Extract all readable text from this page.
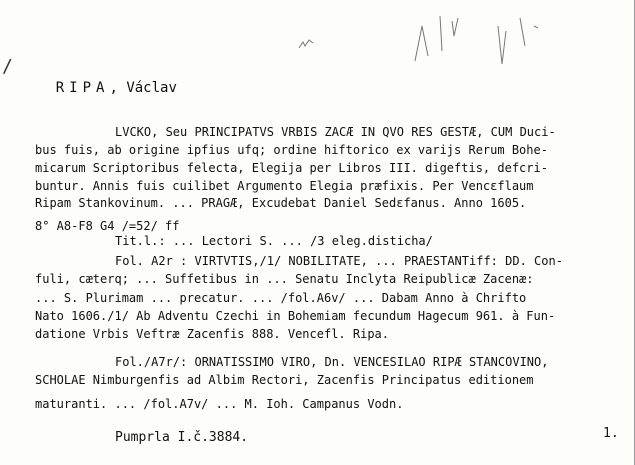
/

RIPA, Václav

LVCKO, Seu PRINCIPATVS VRBIS ZACÆ IN QVO RES GESTÆ, CUM Duci-
bus fuis, ab origine ipfius ufq; ordine hiftorico ex varijs Rerum Bohe-
micarum Scriptoribus felecta, Elegija per Libros III. digeftis, defcri-
buntur. Annis fuis cuilibet Argumento Elegia præfixis. Per Vencεflaum
Ripam Stankovinum. ... PRAGÆ, Excudebat Daniel Sedεfanus. Anno 1605.
8° A8-F8 G4 /=52/ ff
Tit.l.: ... Lectori S. ... /3 eleg.disticha/
Fol. A2r : VIRTVTIS,/1/ NOBILITATE, ... PRAESTANTiff: DD. Con-
fuli, cæterq; ... Suffetibus in ... Senatu Inclyta Reipublicæ Zacenæ:
... S. Plurimam ... precatur. ... /fol.A6v/ ... Dabam Anno à Chrifto
Nato 1606./1/ Ab Adventu Czechi in Bohemiam fecundum Hagecum 961. à Fun-
datione Vrbis Veftræ Zacenfis 888. Vencefl. Ripa.
Fol./A7r/: ORNATISSIMO VIRO, Dn. VENCESILAO RIPÆ STANCOVINO,
SCHOLAE Nimburgenfis ad Albim Rectori, Zacenfis Principatus editionem
maturanti. ... /fol.A7v/ ... M. Ioh. Campanus Vodn.
Pumprla I.č.3884.	1.
